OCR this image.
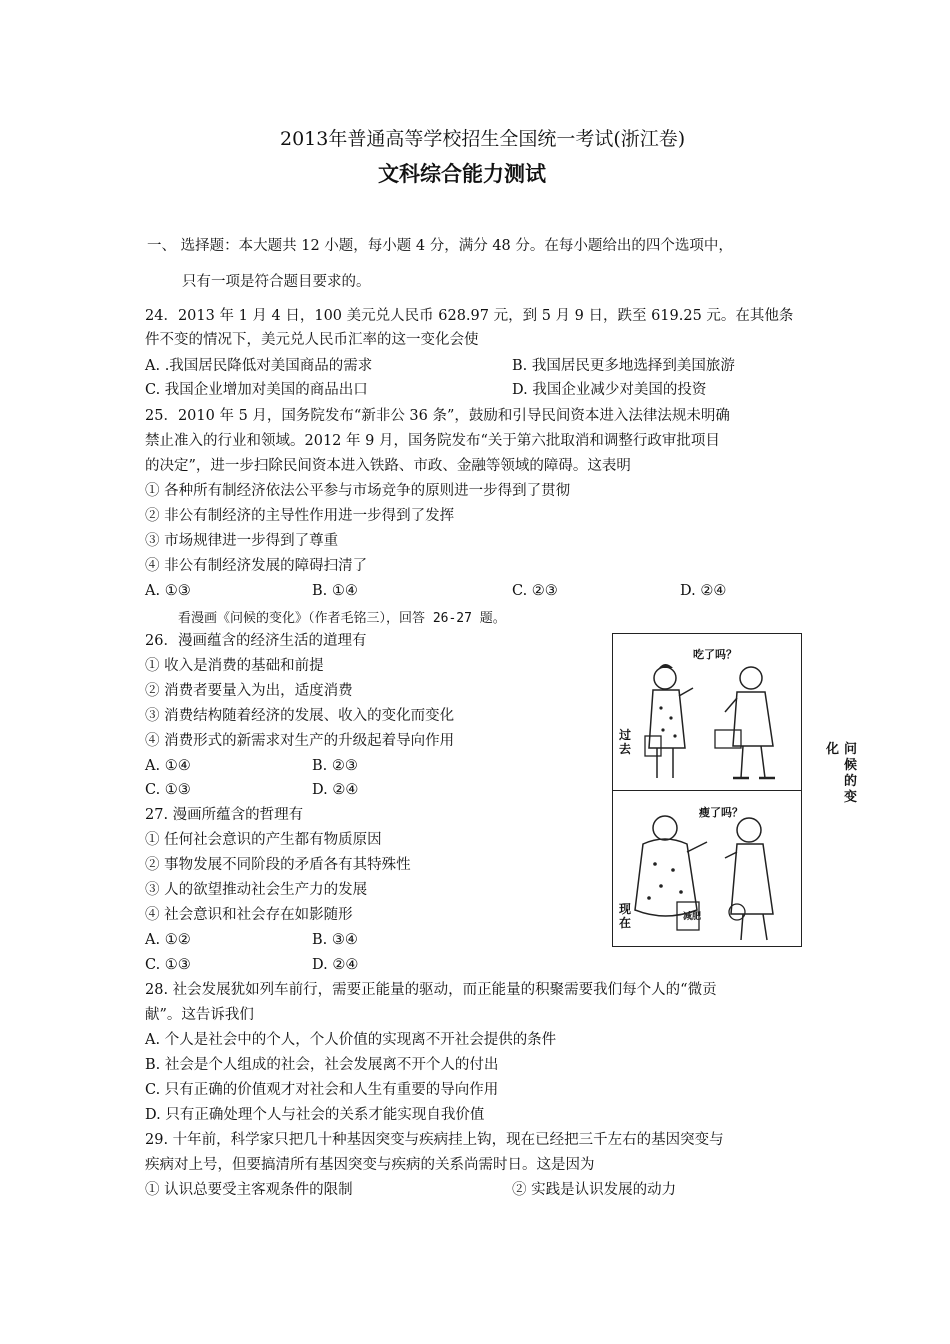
2013年普通高等学校招生全国统一考试(浙江卷)
文科综合能力测试
一、 选择题：本大题共 12 小题，每小题 4 分，满分 48 分。在每小题给出的四个选项中，
只有一项是符合题目要求的。
24．2013 年 1 月 4 日，100 美元兑人民币 628.97 元，到 5 月 9 日，跌至 619.25 元。在其他条
件不变的情况下，美元兑人民币汇率的这一变化会使
A. .我国居民降低对美国商品的需求	B. 我国居民更多地选择到美国旅游
C. 我国企业增加对美国的商品出口	D. 我国企业减少对美国的投资
25．2010 年 5 月，国务院发布“新非公 36 条”，鼓励和引导民间资本进入法律法规未明确
禁止准入的行业和领域。2012 年 9 月，国务院发布“关于第六批取消和调整行政审批项目
的决定”，进一步扫除民间资本进入铁路、市政、金融等领域的障碍。这表明
① 各种所有制经济依法公平参与市场竞争的原则进一步得到了贯彻
② 非公有制经济的主导性作用进一步得到了发挥
③ 市场规律进一步得到了尊重
④ 非公有制经济发展的障碍扫清了
A. ①③	B. ①④	C. ②③	D. ②④
看漫画《问候的变化》（作者毛铭三），回答 26-27 题。
26．漫画蕴含的经济生活的道理有
① 收入是消费的基础和前提
② 消费者要量入为出，适度消费
③ 消费结构随着经济的发展、收入的变化而变化
④ 消费形式的新需求对生产的升级起着导向作用
A. ①④	B. ②③
C. ①③	D. ②④
27. 漫画所蕴含的哲理有
① 任何社会意识的产生都有物质原因
② 事物发展不同阶段的矛盾各有其特殊性
③ 人的欲望推动社会生产力的发展
④ 社会意识和社会存在如影随形
A. ①②	B. ③④
C. ①③	D. ②④
28. 社会发展犹如列车前行，需要正能量的驱动，而正能量的积聚需要我们每个人的“微贡
献”。这告诉我们
A. 个人是社会中的个人，个人价值的实现离不开社会提供的条件
B. 社会是个人组成的社会，社会发展离不开个人的付出
C. 只有正确的价值观才对社会和人生有重要的导向作用
D. 只有正确处理个人与社会的关系才能实现自我价值
29. 十年前，科学家只把几十种基因突变与疾病挂上钩，现在已经把三千左右的基因突变与
疾病对上号，但要搞清所有基因突变与疾病的关系尚需时日。这是因为
① 认识总要受主客观条件的限制	② 实践是认识发展的动力
吃了吗？
过去
瘦了吗？
现在	减肥
化 问候的变
